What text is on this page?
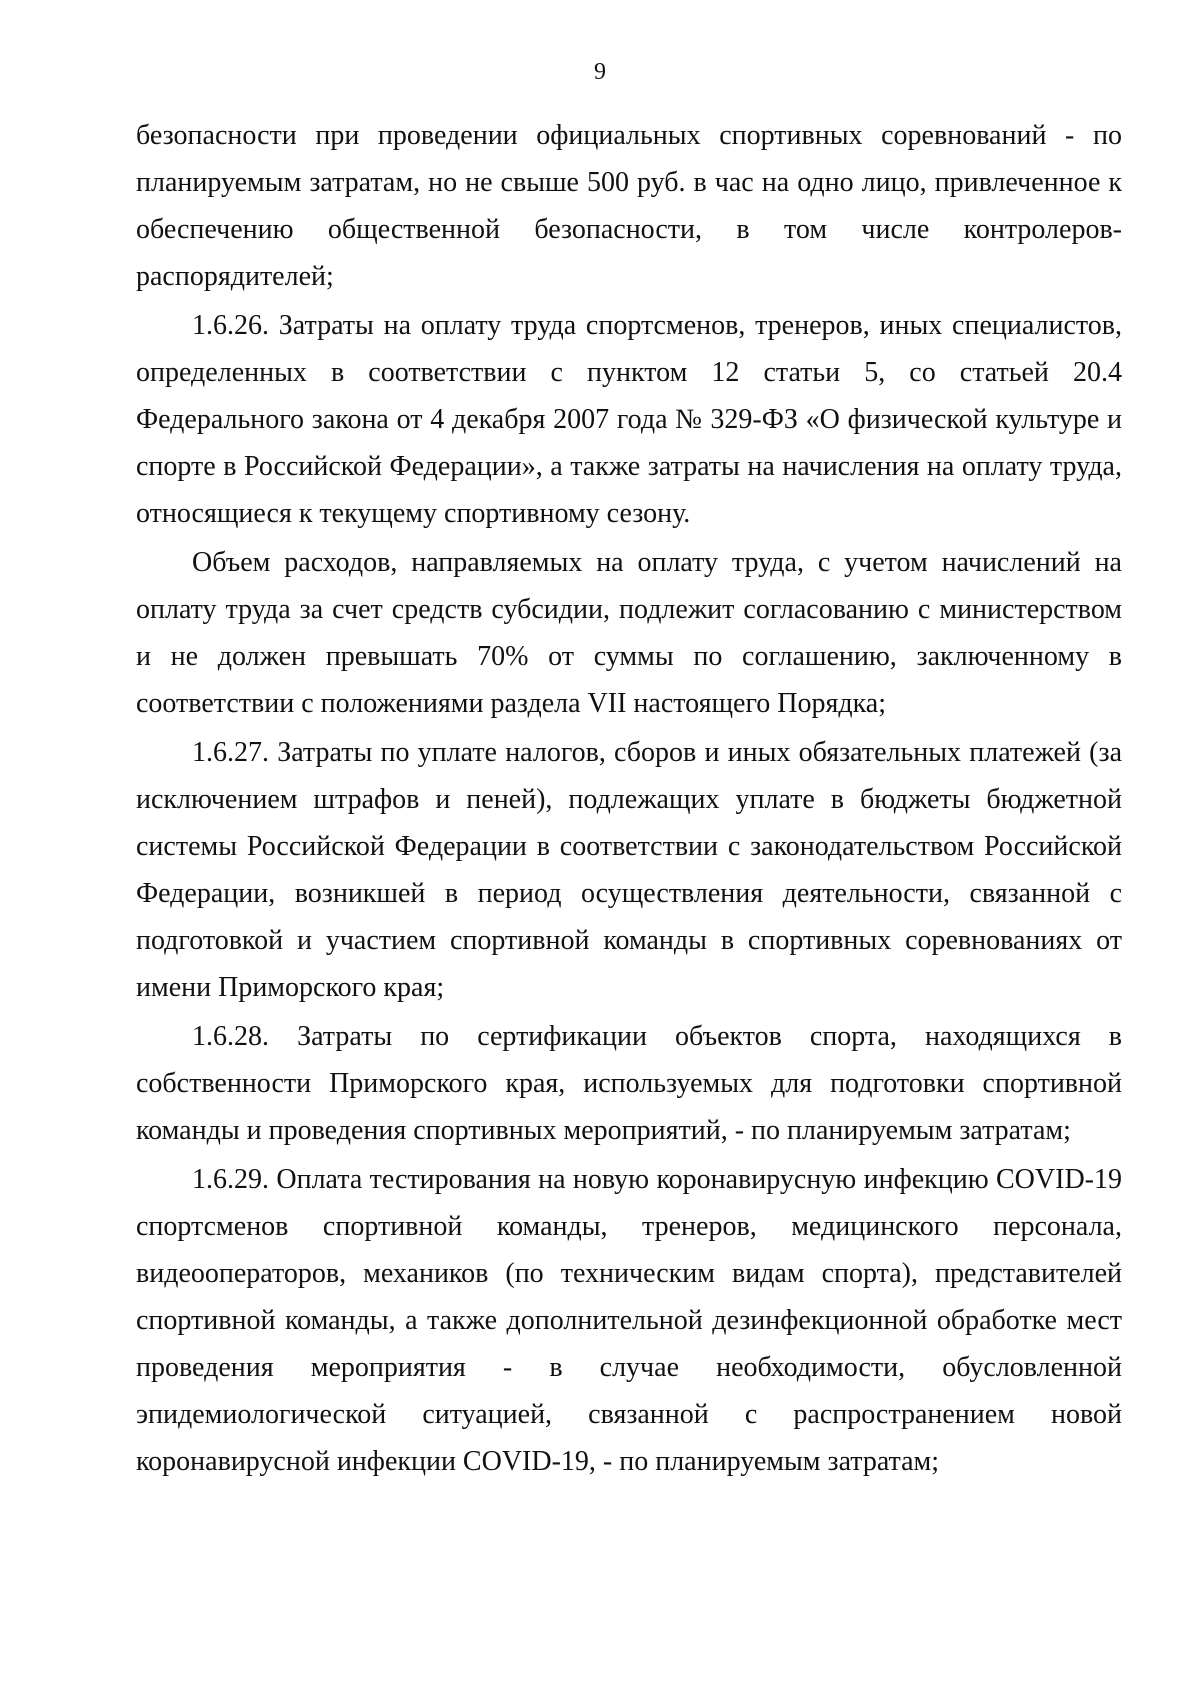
9

безопасности при проведении официальных спортивных соревнований - по планируемым затратам, но не свыше 500 руб. в час на одно лицо, привлеченное к обеспечению общественной безопасности, в том числе контролеров-распорядителей;

1.6.26. Затраты на оплату труда спортсменов, тренеров, иных специалистов, определенных в соответствии с пунктом 12 статьи 5, со статьей 20.4 Федерального закона от 4 декабря 2007 года № 329-ФЗ «О физической культуре и спорте в Российской Федерации», а также затраты на начисления на оплату труда, относящиеся к текущему спортивному сезону.

Объем расходов, направляемых на оплату труда, с учетом начислений на оплату труда за счет средств субсидии, подлежит согласованию с министерством и не должен превышать 70% от суммы по соглашению, заключенному в соответствии с положениями раздела VII настоящего Порядка;

1.6.27. Затраты по уплате налогов, сборов и иных обязательных платежей (за исключением штрафов и пеней), подлежащих уплате в бюджеты бюджетной системы Российской Федерации в соответствии с законодательством Российской Федерации, возникшей в период осуществления деятельности, связанной с подготовкой и участием спортивной команды в спортивных соревнованиях от имени Приморского края;

1.6.28. Затраты по сертификации объектов спорта, находящихся в собственности Приморского края, используемых для подготовки спортивной команды и проведения спортивных мероприятий, - по планируемым затратам;

1.6.29. Оплата тестирования на новую коронавирусную инфекцию COVID-19 спортсменов спортивной команды, тренеров, медицинского персонала, видеооператоров, механиков (по техническим видам спорта), представителей спортивной команды, а также дополнительной дезинфекционной обработке мест проведения мероприятия - в случае необходимости, обусловленной эпидемиологической ситуацией, связанной с распространением новой коронавирусной инфекции COVID-19, - по планируемым затратам;
